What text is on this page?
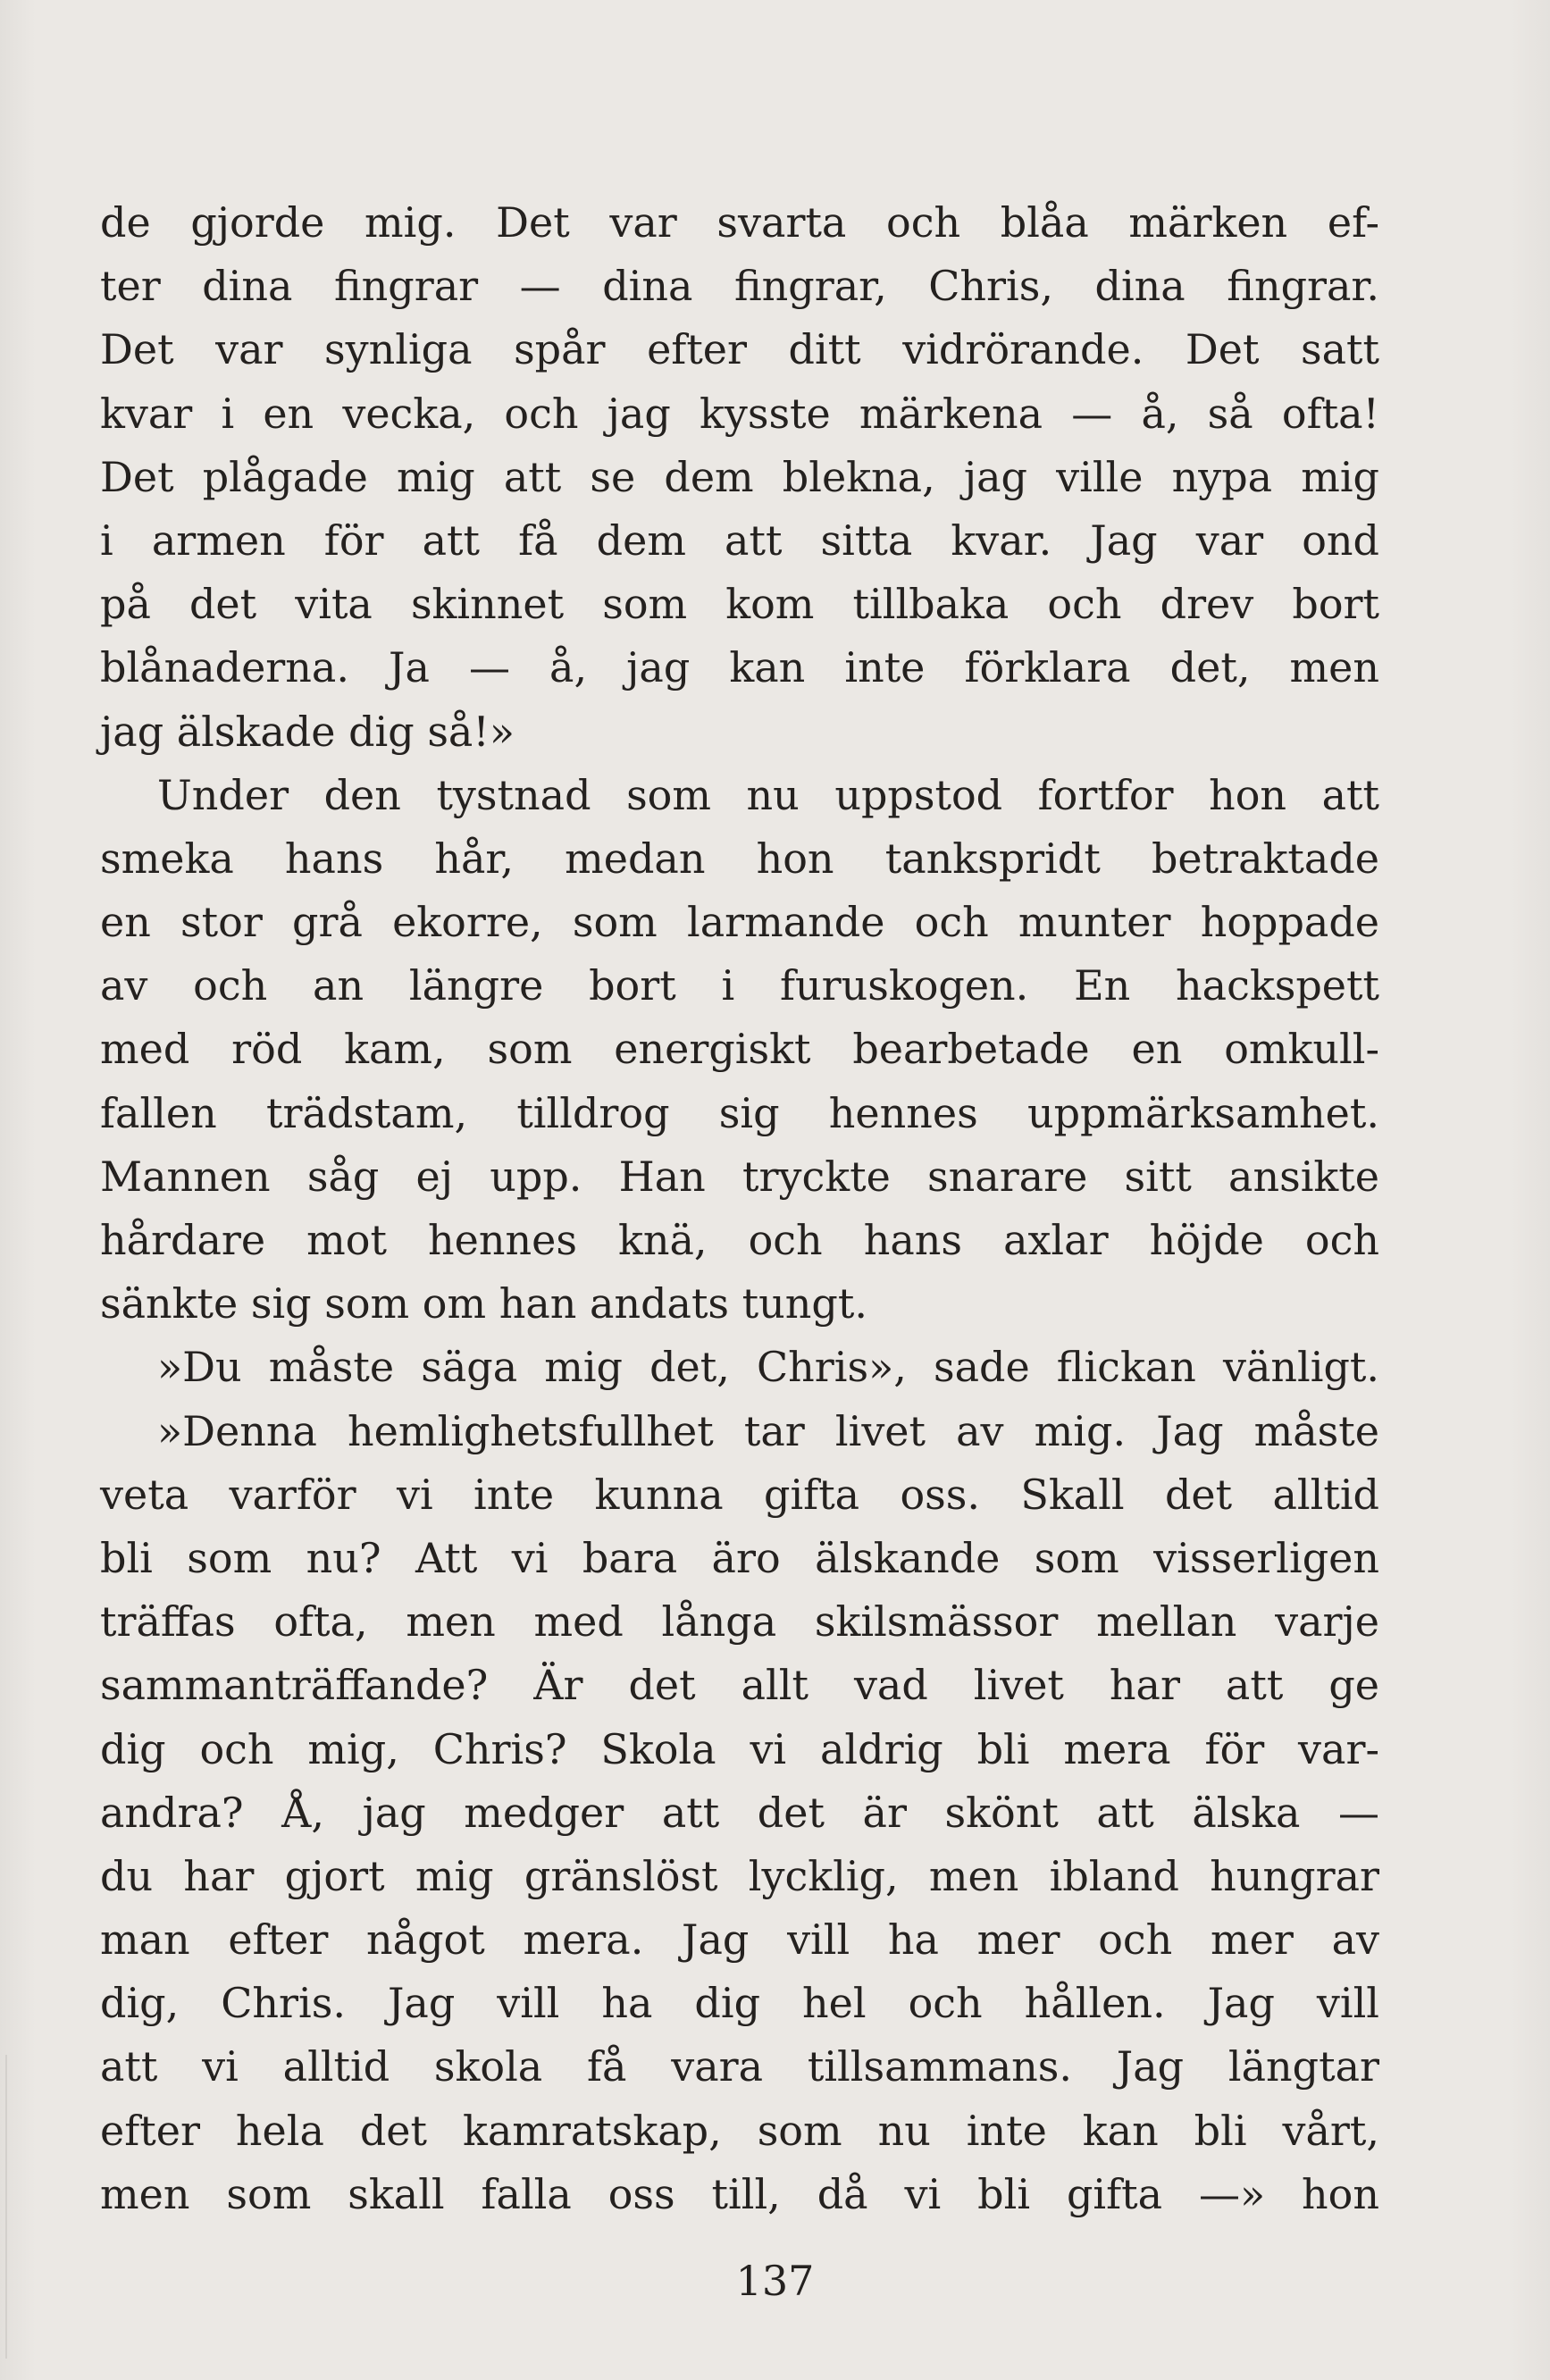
de gjorde mig. Det var svarta och blåa märken ef-
ter dina fingrar — dina fingrar, Chris, dina fingrar.
Det var synliga spår efter ditt vidrörande. Det satt
kvar i en vecka, och jag kysste märkena — å, så ofta!
Det plågade mig att se dem blekna, jag ville nypa mig
i armen för att få dem att sitta kvar. Jag var ond
på det vita skinnet som kom tillbaka och drev bort
blånaderna. Ja — å, jag kan inte förklara det, men
jag älskade dig så!»
Under den tystnad som nu uppstod fortfor hon att
smeka hans hår, medan hon tankspridt betraktade
en stor grå ekorre, som larmande och munter hoppade
av och an längre bort i furuskogen. En hackspett
med röd kam, som energiskt bearbetade en omkull-
fallen trädstam, tilldrog sig hennes uppmärksamhet.
Mannen såg ej upp. Han tryckte snarare sitt ansikte
hårdare mot hennes knä, och hans axlar höjde och
sänkte sig som om han andats tungt.
»Du måste säga mig det, Chris», sade flickan vänligt.
»Denna hemlighetsfullhet tar livet av mig. Jag måste
veta varför vi inte kunna gifta oss. Skall det alltid
bli som nu? Att vi bara äro älskande som visserligen
träffas ofta, men med långa skilsmässor mellan varje
sammanträffande? Är det allt vad livet har att ge
dig och mig, Chris? Skola vi aldrig bli mera för var-
andra? Å, jag medger att det är skönt att älska —
du har gjort mig gränslöst lycklig, men ibland hungrar
man efter något mera. Jag vill ha mer och mer av
dig, Chris. Jag vill ha dig hel och hållen. Jag vill
att vi alltid skola få vara tillsammans. Jag längtar
efter hela det kamratskap, som nu inte kan bli vårt,
men som skall falla oss till, då vi bli gifta —» hon
137
